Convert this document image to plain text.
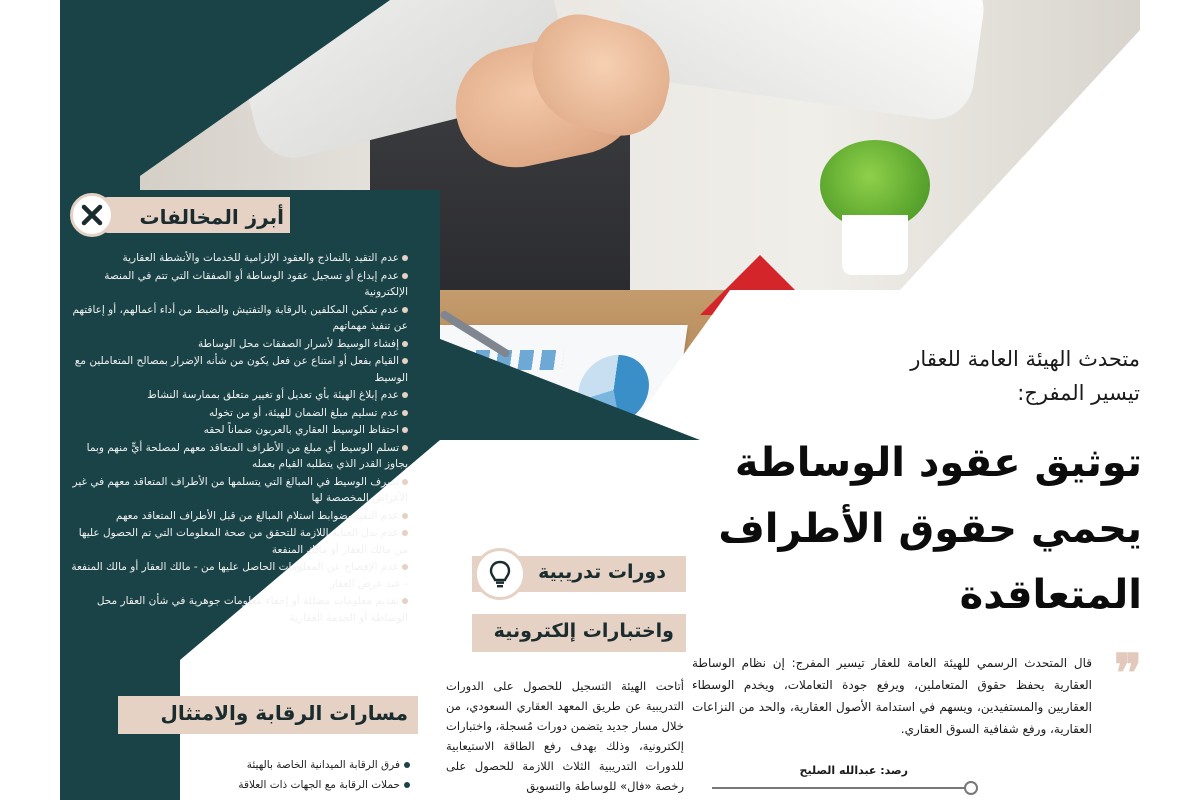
أبرز المخالفات
عدم التقيد بالنماذج والعقود الإلزامية للخدمات والأنشطة العقارية
عدم إيداع أو تسجيل عقود الوساطة أو الصفقات التي تتم في المنصة الإلكترونية
عدم تمكين المكلفين بالرقابة والتفتيش والضبط من أداء أعمالهم، أو إعاقتهم عن تنفيذ مهماتهم
إفشاء الوسيط لأسرار الصفقات محل الوساطة
القيام بفعل أو امتناع عن فعل يكون من شأنه الإضرار بمصالح المتعاملين مع الوسيط
عدم إبلاغ الهيئة بأي تعديل أو تغيير متعلق بممارسة النشاط
عدم تسليم مبلغ الضمان للهيئة، أو من تخوله
احتفاظ الوسيط العقاري بالعربون ضماناً لحقه
تسلم الوسيط أي مبلغ من الأطراف المتعاقد معهم لمصلحة أيٍّ منهم وبما يجاوز القدر الذي يتطلبه القيام بعمله
تصرف الوسيط في المبالغ التي يتسلمها من الأطراف المتعاقد معهم في غير الأغراض المخصصة لها
عدم التقيد بضوابط استلام المبالغ من قبل الأطراف المتعاقد معهم
عدم بذل العناية اللازمة للتحقق من صحة المعلومات التي تم الحصول عليها من مالك العقار أو مالك المنفعة
عدم الإفصاح عن المعلومات الحاصل عليها من - مالك العقار أو مالك المنفعة - عند عرض العقار
تقديم معلومات مضللة أو إخفاء معلومات جوهرية في شأن العقار محل الوساطة أو الخدمة العقارية
مسارات الرقابة والامتثال
فرق الرقابة الميدانية الخاصة بالهيئة
حملات الرقابة مع الجهات ذات العلاقة
دورات تدريبية
واختبارات إلكترونية

أتاحت الهيئة التسجيل للحصول على الدورات التدريبية عن طريق المعهد العقاري السعودي، من خلال مسار جديد يتضمن دورات مُسجلة، واختبارات إلكترونية، وذلك بهدف رفع الطاقة الاستيعابية للدورات التدريبية الثلاث اللازمة للحصول على رخصة «فال» للوساطة والتسويق

متحدث الهيئة العامة للعقار
تيسير المفرج:
توثيق عقود الوساطة يحمي حقوق الأطراف المتعاقدة
❞

قال المتحدث الرسمي للهيئة العامة للعقار تيسير المفرج: إن نظام الوساطة العقارية يحفظ حقوق المتعاملين، ويرفع جودة التعاملات، ويخدم الوسطاء العقاريين والمستفيدين، ويسهم في استدامة الأصول العقارية، والحد من النزاعات العقارية، ورفع شفافية السوق العقاري.

رصد: عبدالله الصليح
